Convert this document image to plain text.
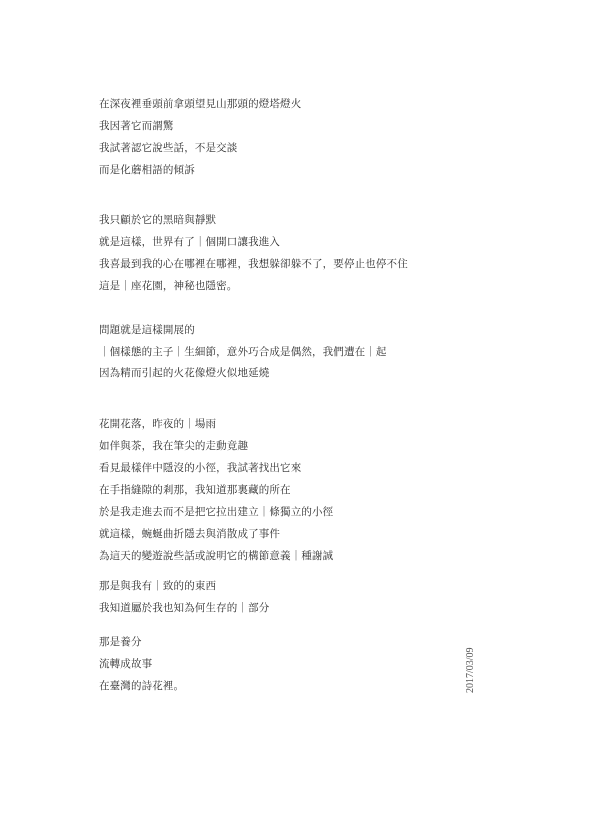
在深夜裡垂頭前拿頭望見山那頭的燈塔燈火
我因著它而謂驚
我試著認它說些話，不是交談
而是化蘑相語的傾訴
我只顧於它的黑暗與靜默
就是這樣，世界有了｜個開口讓我進入
我喜最到我的心在哪裡在哪裡，我想躲卻躲不了，要停止也停不住
這是｜座花園，神秘也隱密。
問題就是這樣開展的
｜個樣態的主子｜生細節，意外巧合成是偶然，我們遭在｜起
因為精而引起的火花像燈火似地延燒
花開花落，昨夜的｜場雨
如伴與茶，我在筆尖的走動竟趣
看見最樣伴中隱沒的小徑，我試著找出它來
在手指縫隙的剎那，我知道那裏藏的所在
於是我走進去而不是把它拉出建立｜條獨立的小徑
就這樣，蜿蜒曲折隱去與消散成了事件
為這天的變遊說些話或說明它的構節意義｜種謝誠
那是與我有｜致的的東西
我知道屬於我也知為何生存的｜部分
那是養分
流轉成故事
在臺灣的詩花裡。	2017/03/09
